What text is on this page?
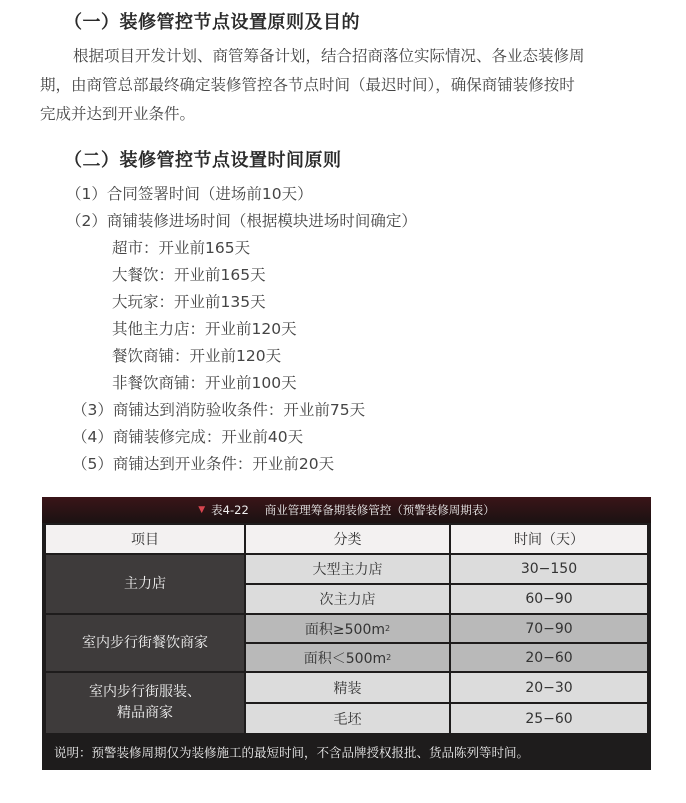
（一）装修管控节点设置原则及目的
根据项目开发计划、商管筹备计划，结合招商落位实际情况、各业态装修周
期，由商管总部最终确定装修管控各节点时间（最迟时间），确保商铺装修按时
完成并达到开业条件。
（二）装修管控节点设置时间原则
（1）合同签署时间（进场前10天）
（2）商铺装修进场时间（根据模块进场时间确定）
超市：开业前165天
大餐饮：开业前165天
大玩家：开业前135天
其他主力店：开业前120天
餐饮商铺：开业前120天
非餐饮商铺：开业前100天
（3）商铺达到消防验收条件：开业前75天
（4）商铺装修完成：开业前40天
（5）商铺达到开业条件：开业前20天
▼ 表4-22 商业管理筹备期装修管控（预警装修周期表）
项目	分类	时间（天）
主力店
大型主力店	30−150
次主力店	60−90
室内步行街餐饮商家
面积≥500m 2	70−90
面积＜500m 2	20−60
室内步行街服装、
精品商家
精装	20−30
毛坯	25−60
说明：预警装修周期仅为装修施工的最短时间，不含品牌授权报批、货品陈列等时间。
